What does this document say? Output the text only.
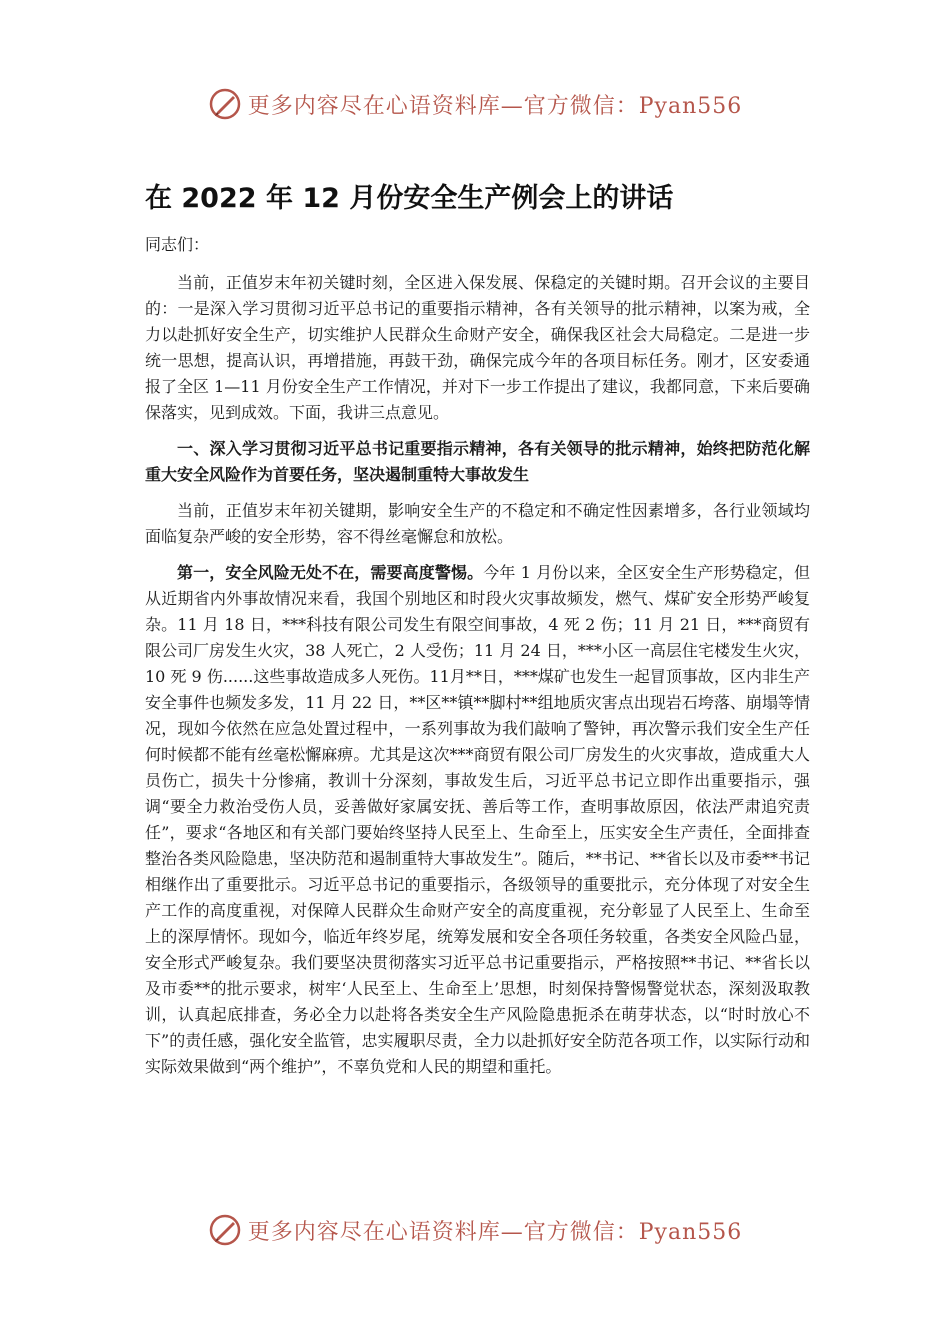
更多内容尽在心语资料库—官方微信：Pyan556
在 2022 年 12 月份安全生产例会上的讲话

同志们：

当前，正值岁末年初关键时刻，全区进入保发展、保稳定的关键时期。召开会议的主要目的：一是深入学习贯彻习近平总书记的重要指示精神，各有关领导的批示精神，以案为戒，全力以赴抓好安全生产，切实维护人民群众生命财产安全，确保我区社会大局稳定。二是进一步统一思想，提高认识，再增措施，再鼓干劲，确保完成今年的各项目标任务。刚才，区安委通报了全区 1—11 月份安全生产工作情况，并对下一步工作提出了建议，我都同意，下来后要确保落实，见到成效。下面，我讲三点意见。

一、深入学习贯彻习近平总书记重要指示精神，各有关领导的批示精神，始终把防范化解重大安全风险作为首要任务，坚决遏制重特大事故发生

当前，正值岁末年初关键期，影响安全生产的不稳定和不确定性因素增多，各行业领域均面临复杂严峻的安全形势，容不得丝毫懈怠和放松。

第一，安全风险无处不在，需要高度警惕。今年 1 月份以来，全区安全生产形势稳定，但从近期省内外事故情况来看，我国个别地区和时段火灾事故频发，燃气、煤矿安全形势严峻复杂。11 月 18 日，***科技有限公司发生有限空间事故，4 死 2 伤；11 月 21 日，***商贸有限公司厂房发生火灾，38 人死亡，2 人受伤；11 月 24 日，***小区一高层住宅楼发生火灾，10 死 9 伤......这些事故造成多人死伤。11月**日，***煤矿也发生一起冒顶事故，区内非生产安全事件也频发多发，11 月 22 日，**区**镇**脚村**组地质灾害点出现岩石垮落、崩塌等情况，现如今依然在应急处置过程中，一系列事故为我们敲响了警钟，再次警示我们安全生产任何时候都不能有丝毫松懈麻痹。尤其是这次***商贸有限公司厂房发生的火灾事故，造成重大人员伤亡，损失十分惨痛，教训十分深刻，事故发生后，习近平总书记立即作出重要指示，强调“要全力救治受伤人员，妥善做好家属安抚、善后等工作，查明事故原因，依法严肃追究责任”，要求“各地区和有关部门要始终坚持人民至上、生命至上，压实安全生产责任，全面排查整治各类风险隐患，坚决防范和遏制重特大事故发生”。随后，**书记、**省长以及市委**书记相继作出了重要批示。习近平总书记的重要指示，各级领导的重要批示，充分体现了对安全生产工作的高度重视，对保障人民群众生命财产安全的高度重视，充分彰显了人民至上、生命至上的深厚情怀。现如今，临近年终岁尾，统筹发展和安全各项任务较重，各类安全风险凸显，安全形式严峻复杂。我们要坚决贯彻落实习近平总书记重要指示，严格按照**书记、**省长以及市委**的批示要求，树牢‘人民至上、生命至上’思想，时刻保持警惕警觉状态，深刻汲取教训，认真起底排查，务必全力以赴将各类安全生产风险隐患扼杀在萌芽状态，以“时时放心不下”的责任感，强化安全监管，忠实履职尽责，全力以赴抓好安全防范各项工作，以实际行动和实际效果做到“两个维护”，不辜负党和人民的期望和重托。

更多内容尽在心语资料库—官方微信：Pyan556
